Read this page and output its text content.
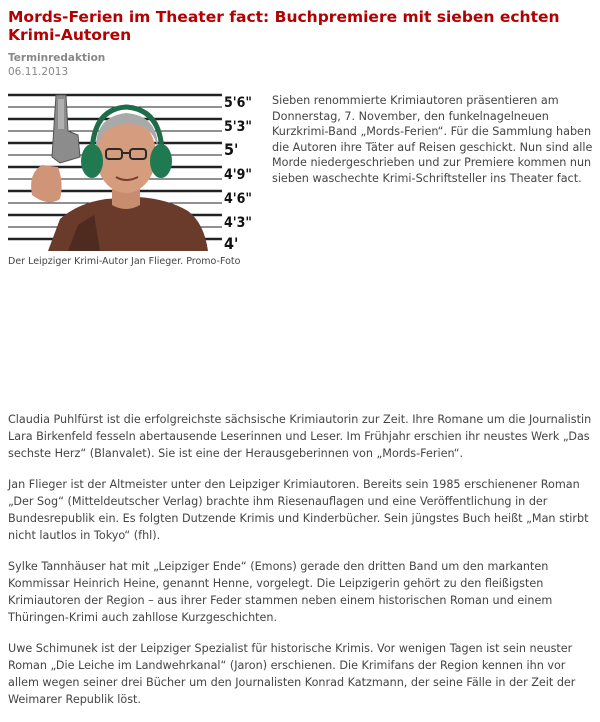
Mords-Ferien im Theater fact: Buchpremiere mit sieben echten Krimi-Autoren
Terminredaktion
06.11.2013
5'6"
5'3"
5'
4'9"
4'6"
4'3"
4'
Der Leipziger Krimi-Autor Jan Flieger. Promo-Foto

Sieben renommierte Krimiautoren präsentieren am Donnerstag, 7. November, den funkelnagelneuen Kurzkrimi-Band „Mords-Ferien“. Für die Sammlung haben die Autoren ihre Täter auf Reisen geschickt. Nun sind alle Morde niedergeschrieben und zur Premiere kommen nun sieben waschechte Krimi-Schriftsteller ins Theater fact.

Claudia Puhlfürst ist die erfolgreichste sächsische Krimiautorin zur Zeit. Ihre Romane um die Journalistin Lara Birkenfeld fesseln abertausende Leserinnen und Leser. Im Frühjahr erschien ihr neustes Werk „Das sechste Herz“ (Blanvalet). Sie ist eine der Herausgeberinnen von „Mords-Ferien“.

Jan Flieger ist der Altmeister unter den Leipziger Krimiautoren. Bereits sein 1985 erschienener Roman „Der Sog“ (Mitteldeutscher Verlag) brachte ihm Riesenauflagen und eine Veröffentlichung in der Bundesrepublik ein. Es folgten Dutzende Krimis und Kinderbücher. Sein jüngstes Buch heißt „Man stirbt nicht lautlos in Tokyo“ (fhl).

Sylke Tannhäuser hat mit „Leipziger Ende“ (Emons) gerade den dritten Band um den markanten Kommissar Heinrich Heine, genannt Henne, vorgelegt. Die Leipzigerin gehört zu den fleißigsten Krimiautoren der Region – aus ihrer Feder stammen neben einem historischen Roman und einem Thüringen-Krimi auch zahllose Kurzgeschichten.

Uwe Schimunek ist der Leipziger Spezialist für historische Krimis. Vor wenigen Tagen ist sein neuster Roman „Die Leiche im Landwehrkanal“ (Jaron) erschienen. Die Krimifans der Region kennen ihn vor allem wegen seiner drei Bücher um den Journalisten Konrad Katzmann, der seine Fälle in der Zeit der Weimarer Republik löst.
